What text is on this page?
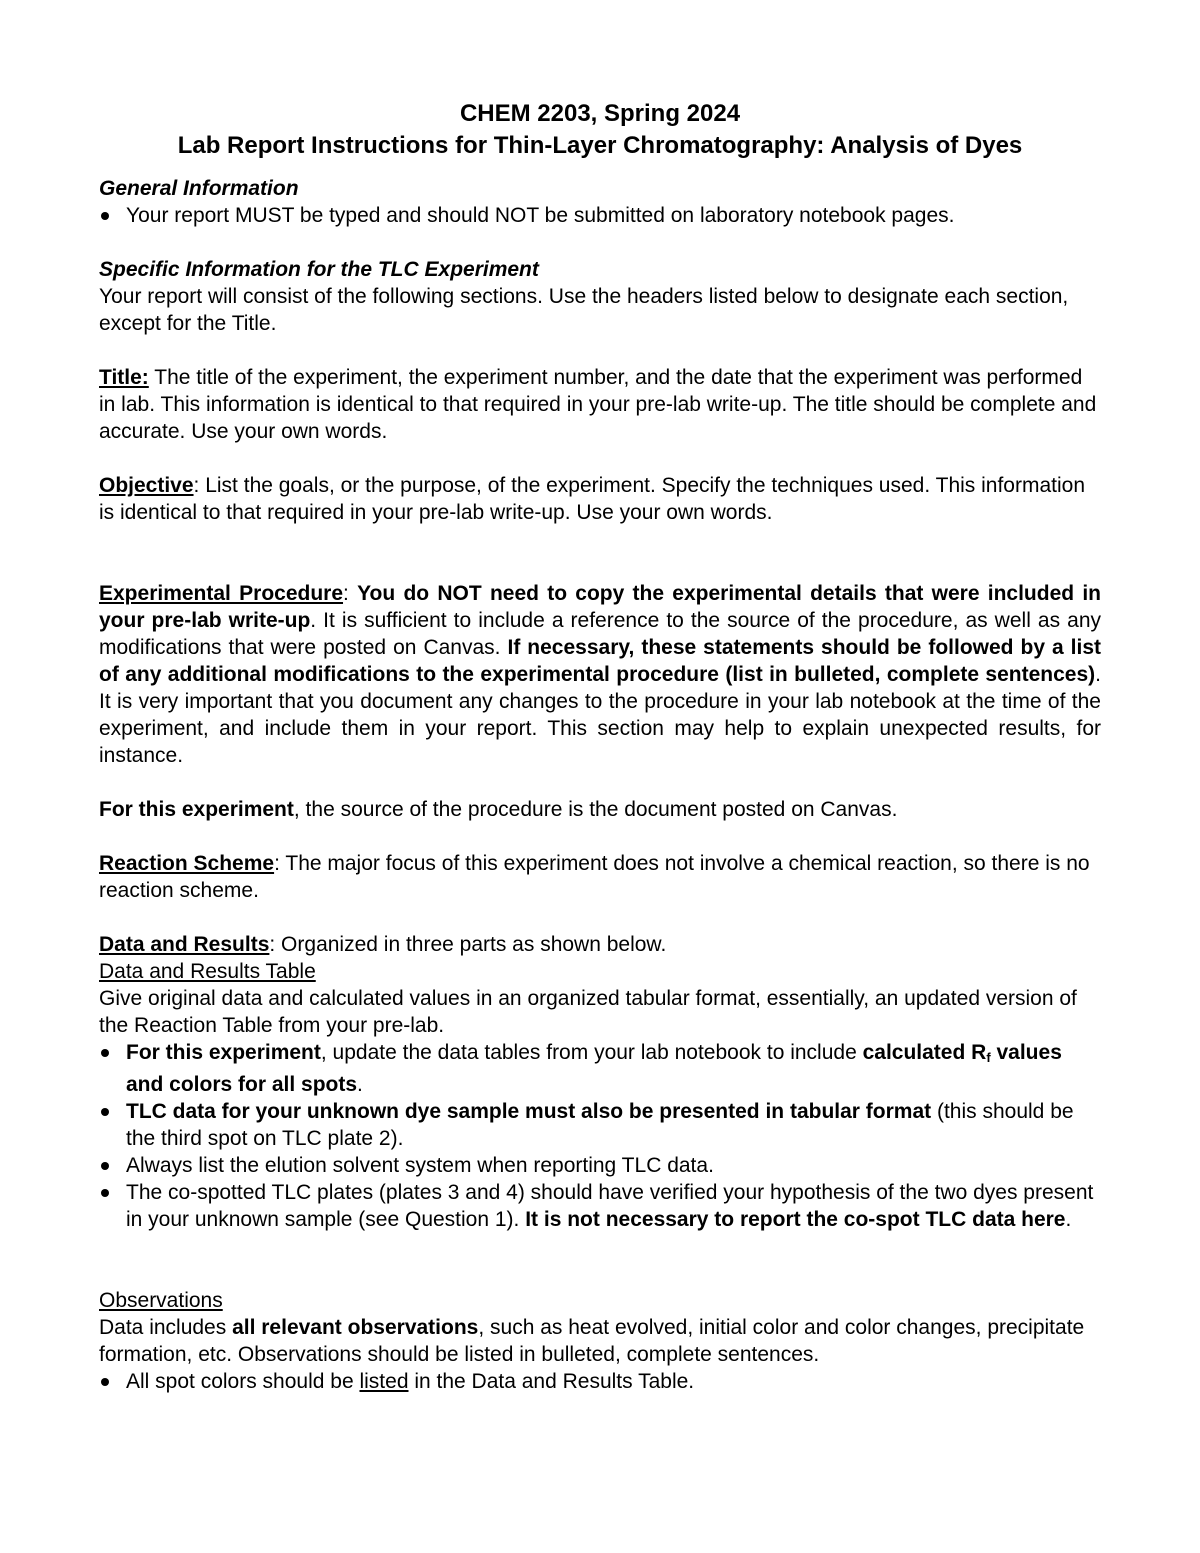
CHEM 2203, Spring 2024
Lab Report Instructions for Thin-Layer Chromatography: Analysis of Dyes

General Information

Your report MUST be typed and should NOT be submitted on laboratory notebook pages.

Specific Information for the TLC Experiment

Your report will consist of the following sections. Use the headers listed below to designate each section, except for the Title.

Title: The title of the experiment, the experiment number, and the date that the experiment was performed in lab. This information is identical to that required in your pre-lab write-up. The title should be complete and accurate. Use your own words.

Objective: List the goals, or the purpose, of the experiment. Specify the techniques used. This information is identical to that required in your pre-lab write-up. Use your own words.

Experimental Procedure: You do NOT need to copy the experimental details that were included in your pre-lab write-up. It is sufficient to include a reference to the source of the procedure, as well as any modifications that were posted on Canvas. If necessary, these statements should be followed by a list of any additional modifications to the experimental procedure (list in bulleted, complete sentences). It is very important that you document any changes to the procedure in your lab notebook at the time of the experiment, and include them in your report. This section may help to explain unexpected results, for instance.

For this experiment, the source of the procedure is the document posted on Canvas.

Reaction Scheme: The major focus of this experiment does not involve a chemical reaction, so there is no reaction scheme.

Data and Results: Organized in three parts as shown below.

Data and Results Table

Give original data and calculated values in an organized tabular format, essentially, an updated version of the Reaction Table from your pre-lab.

For this experiment, update the data tables from your lab notebook to include calculated Rf values and colors for all spots.
TLC data for your unknown dye sample must also be presented in tabular format (this should be the third spot on TLC plate 2).
Always list the elution solvent system when reporting TLC data.
The co-spotted TLC plates (plates 3 and 4) should have verified your hypothesis of the two dyes present in your unknown sample (see Question 1). It is not necessary to report the co-spot TLC data here.

Observations

Data includes all relevant observations, such as heat evolved, initial color and color changes, precipitate formation, etc. Observations should be listed in bulleted, complete sentences.

All spot colors should be listed in the Data and Results Table.
